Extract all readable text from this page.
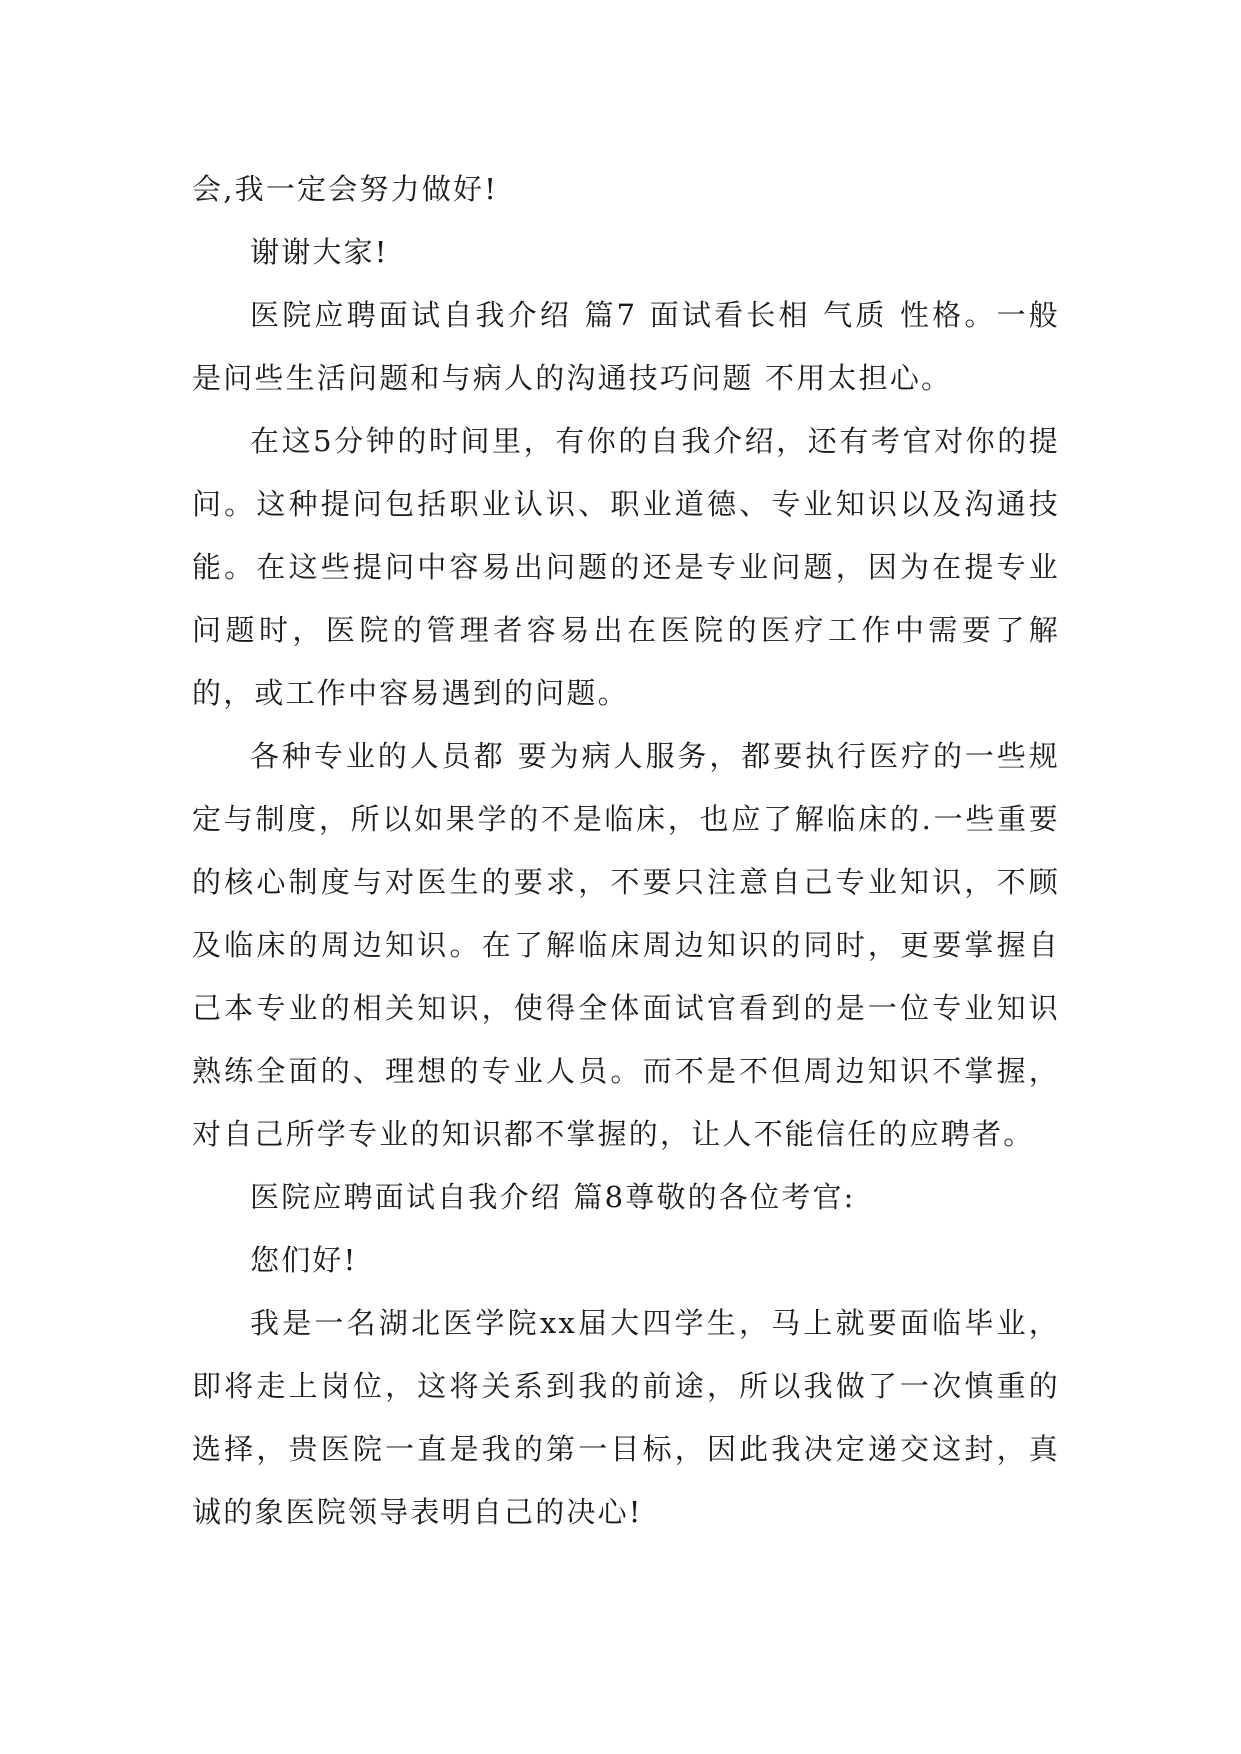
会,我一定会努力做好!

谢谢大家!

医院应聘面试自我介绍 篇7 面试看长相 气质 性格。一般是问些生活问题和与病人的沟通技巧问题 不用太担心。

在这5分钟的时间里，有你的自我介绍，还有考官对你的提问。这种提问包括职业认识、职业道德、专业知识以及沟通技能。在这些提问中容易出问题的还是专业问题，因为在提专业问题时，医院的管理者容易出在医院的医疗工作中需要了解的，或工作中容易遇到的问题。

各种专业的人员都 要为病人服务，都要执行医疗的一些规定与制度，所以如果学的不是临床，也应了解临床的.一些重要的核心制度与对医生的要求，不要只注意自己专业知识，不顾及临床的周边知识。在了解临床周边知识的同时，更要掌握自己本专业的相关知识，使得全体面试官看到的是一位专业知识熟练全面的、理想的专业人员。而不是不但周边知识不掌握，对自己所学专业的知识都不掌握的，让人不能信任的应聘者。

医院应聘面试自我介绍 篇8尊敬的各位考官:

您们好!

我是一名湖北医学院xx届大四学生，马上就要面临毕业，即将走上岗位，这将关系到我的前途，所以我做了一次慎重的选择，贵医院一直是我的第一目标，因此我决定递交这封，真诚的象医院领导表明自己的决心!
